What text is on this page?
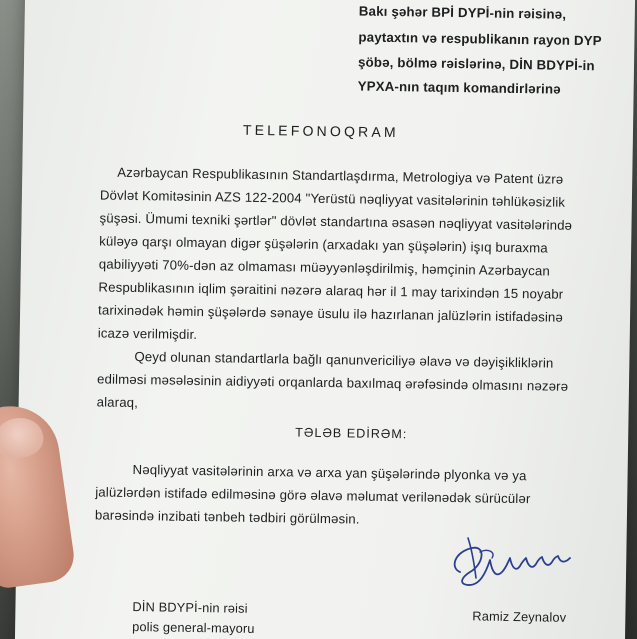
Bakı şəhər BPİ DYPİ-nin rəisinə,
paytaxtın və respublikanın rayon DYP
şöbə, bölmə rəislərinə, DİN BDYPİ-in
YPXA-nın taqım komandirlərinə
TELEFONOQRAM
Azərbaycan Respublikasının Standartlaşdırma, Metrologiya və Patent üzrə
Dövlət Komitəsinin AZS 122-2004 "Yerüstü nəqliyyat vasitələrinin təhlükəsizlik
şüşəsi. Ümumi texniki şərtlər" dövlət standartına əsasən nəqliyyat vasitələrində
küləyə qarşı olmayan digər şüşələrin (arxadakı yan şüşələrin) işıq buraxma
qabiliyyəti 70%-dən az olmaması müəyyənləşdirilmiş, həmçinin Azərbaycan
Respublikasının iqlim şəraitini nəzərə alaraq hər il 1 may tarixindən 15 noyabr
tarixinədək həmin şüşələrdə sənaye üsulu ilə hazırlanan jalüzlərin istifadəsinə
icazə verilmişdir.
Qeyd olunan standartlarla bağlı qanunvericiliyə əlavə və dəyişikliklərin
edilməsi məsələsinin aidiyyəti orqanlarda baxılmaq ərəfəsində olmasını nəzərə
alaraq,
TƏLƏB EDİRƏM:
Nəqliyyat vasitələrinin arxa və arxa yan şüşələrində plyonka və ya
jalüzlərdən istifadə edilməsinə görə əlavə məlumat verilənədək sürücülər
barəsində inzibati tənbeh tədbiri görülməsin.
DİN BDYPİ-nin rəisi
polis general-mayoru
Ramiz Zeynalov
